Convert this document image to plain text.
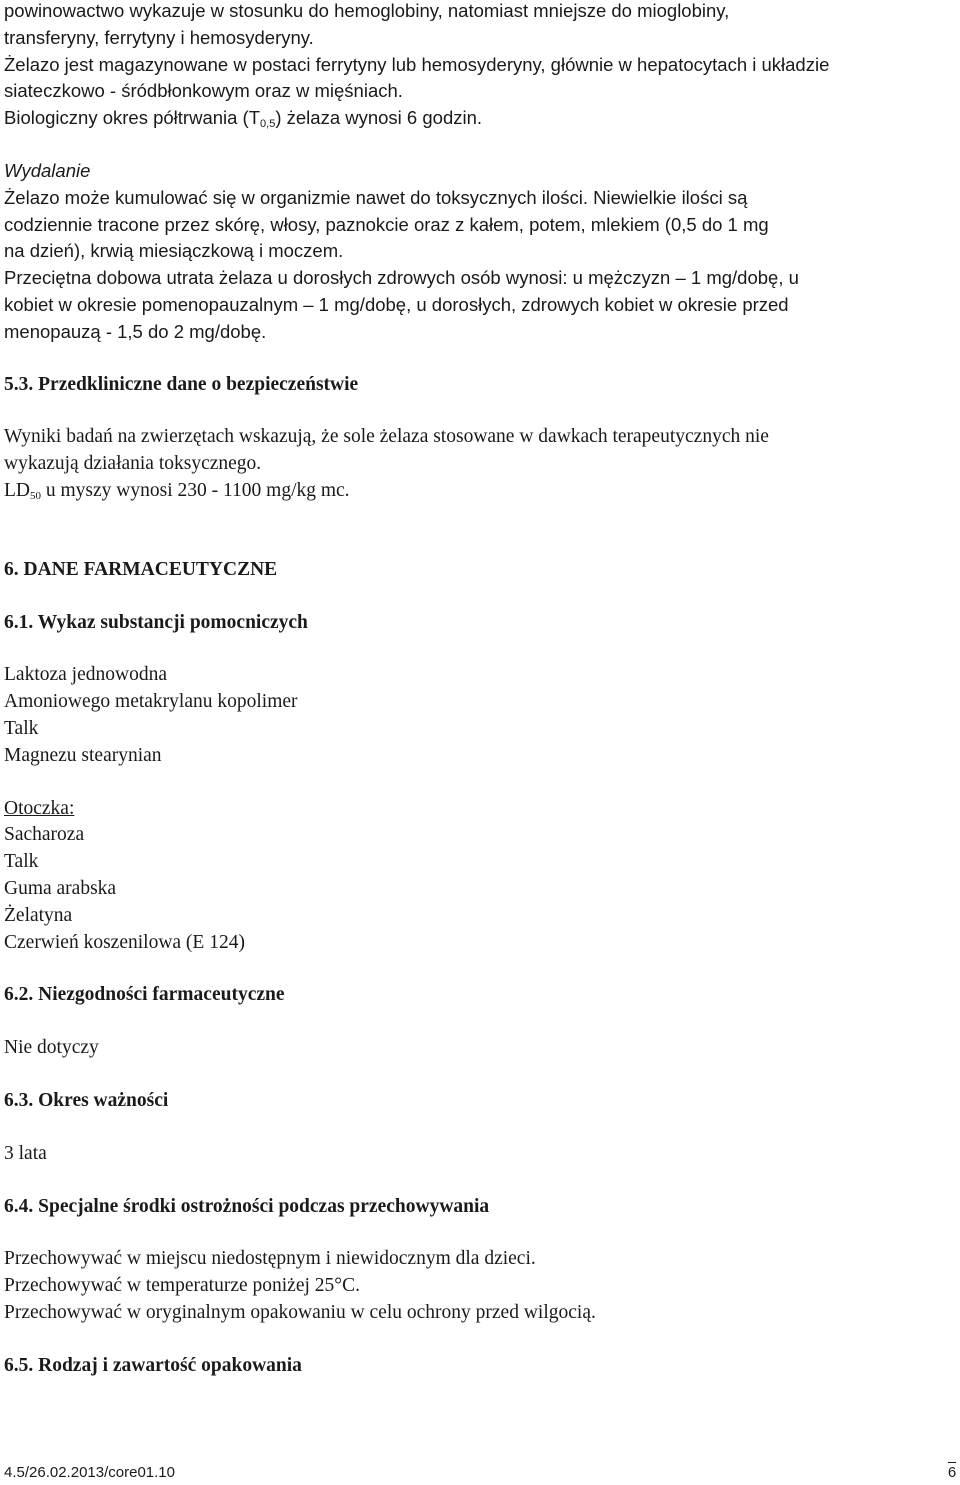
powinowactwo wykazuje w stosunku do hemoglobiny, natomiast mniejsze do mioglobiny,
transferyny, ferrytyny i hemosyderyny.
Żelazo jest magazynowane w postaci ferrytyny lub hemosyderyny, głównie w hepatocytach i układzie
siateczkowo - śródbłonkowym oraz w mięśniach.
Biologiczny okres półtrwania $(T_{0,5})$ żelaza wynosi 6 godzin.
Wydalanie
Żelazo może kumulować się w organizmie nawet do toksycznych ilości. Niewielkie ilości są
codziennie tracone przez skórę, włosy, paznokcie oraz z kałem, potem, mlekiem (0,5 do 1 mg
na dzień), krwią miesiączkową i moczem.
Przeciętna dobowa utrata żelaza u dorosłych zdrowych osób wynosi: u mężczyzn – 1 mg/dobę, u
kobiet w okresie pomenopauzalnym – 1 mg/dobę, u dorosłych, zdrowych kobiet w okresie przed
menopauzą - 1,5 do 2 mg/dobę.
5.3. Przedkliniczne dane o bezpieczeństwie
Wyniki badań na zwierzętach wskazują, że sole żelaza stosowane w dawkach terapeutycznych nie
wykazują działania toksycznego.
$LD_{50}$ u myszy wynosi 230 - 1100 mg/kg mc.
6. DANE FARMACEUTYCZNE
6.1. Wykaz substancji pomocniczych
Laktoza jednowodna
Amoniowego metakrylanu kopolimer
Talk
Magnezu stearynian
Otoczka:
Sacharoza
Talk
Guma arabska
Żelatyna
Czerwień koszenilowa (E 124)
6.2. Niezgodności farmaceutyczne
Nie dotyczy
6.3. Okres ważności
3 lata
6.4. Specjalne środki ostrożności podczas przechowywania
Przechowywać w miejscu niedostępnym i niewidocznym dla dzieci.
Przechowywać w temperaturze poniżej 25°C.
Przechowywać w oryginalnym opakowaniu w celu ochrony przed wilgocią.
6.5. Rodzaj i zawartość opakowania
4.5/26.02.2013/core01.10	6
